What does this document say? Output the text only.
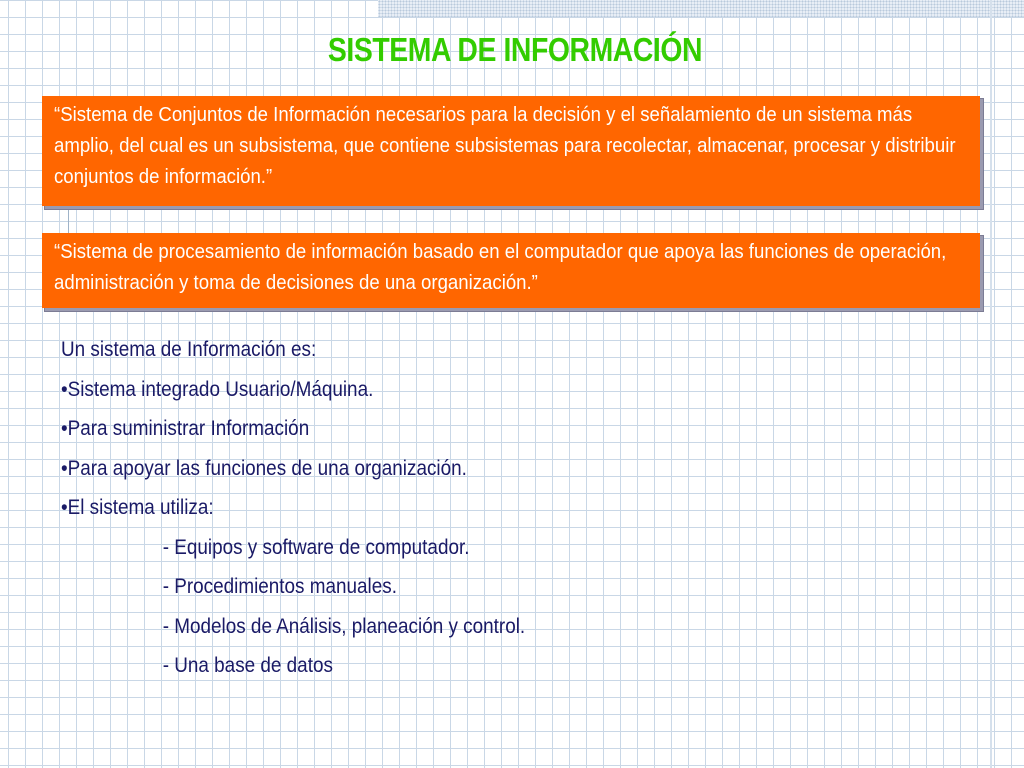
SISTEMA DE INFORMACIÓN
“Sistema de Conjuntos de Información necesarios para la decisión y el señalamiento de un sistema más amplio, del cual es un subsistema, que contiene subsistemas para recolectar, almacenar, procesar y distribuir conjuntos de información.”
“Sistema de procesamiento de información basado en el computador que apoya las funciones de operación, administración y toma de decisiones de una organización.”
Un sistema de Información es:
•Sistema integrado Usuario/Máquina.
•Para suministrar Información
•Para apoyar las funciones de una organización.
•El sistema utiliza:
- Equipos y software de computador.
- Procedimientos manuales.
- Modelos de Análisis, planeación y control.
- Una base de datos
